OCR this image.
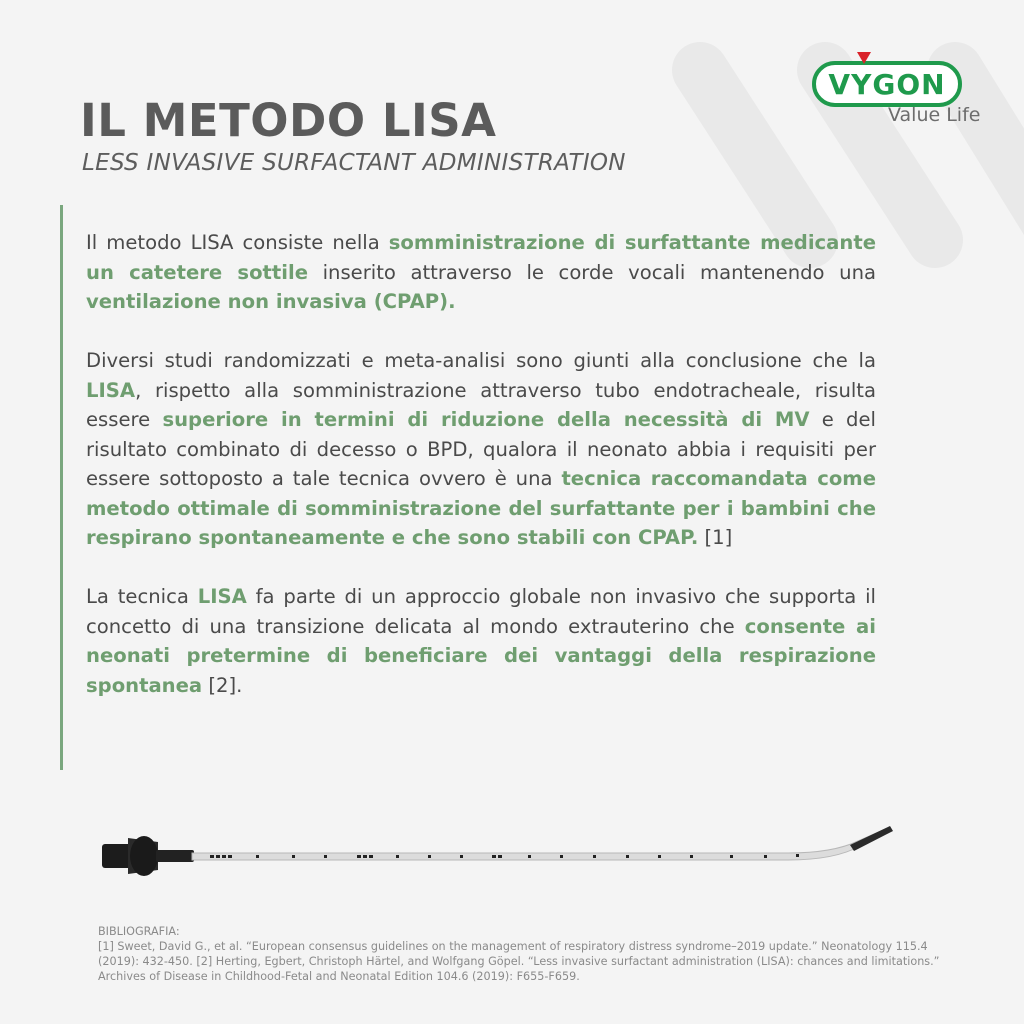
VYGON
Value Life
IL METODO LISA
LESS INVASIVE SURFACTANT ADMINISTRATION

Il metodo LISA consiste nella somministrazione di surfattante medicante un catetere sottile inserito attraverso le corde vocali mantenendo una ventilazione non invasiva (CPAP).

Diversi studi randomizzati e meta-analisi sono giunti alla conclusione che la LISA, rispetto alla somministrazione attraverso tubo endotracheale, risulta essere superiore in termini di riduzione della necessità di MV e del risultato combinato di decesso o BPD, qualora il neonato abbia i requisiti per essere sottoposto a tale tecnica ovvero è una tecnica raccomandata come metodo ottimale di somministrazione del surfattante per i bambini che respirano spontaneamente e che sono stabili con CPAP. [1]

La tecnica LISA fa parte di un approccio globale non invasivo che supporta il concetto di una transizione delicata al mondo extrauterino che consente ai neonati pretermine di beneficiare dei vantaggi della respirazione spontanea [2].

BIBLIOGRAFIA:
[1] Sweet, David G., et al. “European consensus guidelines on the management of respiratory distress syndrome–2019 update.” Neonatology 115.4 (2019): 432-450. [2] Herting, Egbert, Christoph Härtel, and Wolfgang Göpel. “Less invasive surfactant administration (LISA): chances and limitations.” Archives of Disease in Childhood-Fetal and Neonatal Edition 104.6 (2019): F655-F659.
